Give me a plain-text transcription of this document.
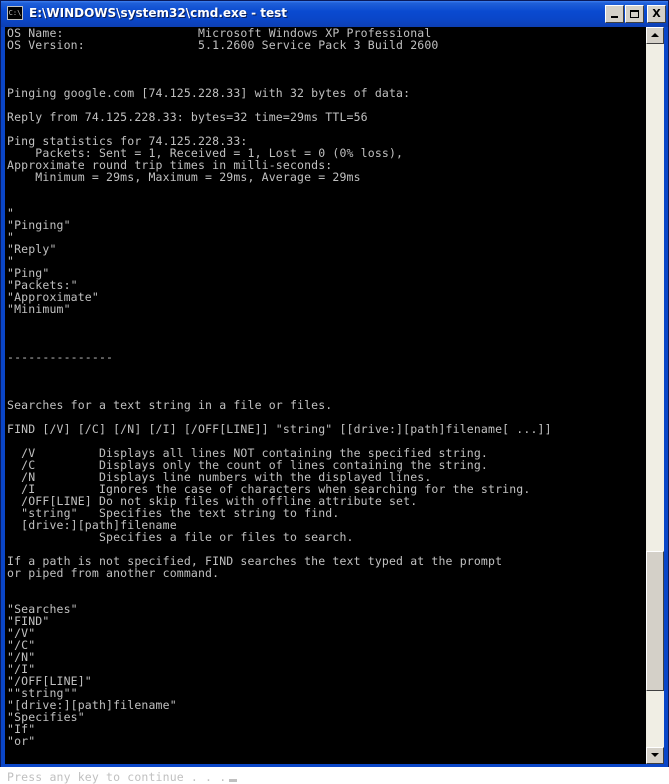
C:\ E:\WINDOWS\system32\cmd.exe - test	X
OS Name:                   Microsoft Windows XP Professional
OS Version:                5.1.2600 Service Pack 3 Build 2600

Pinging google.com [74.125.228.33] with 32 bytes of data:

Reply from 74.125.228.33: bytes=32 time=29ms TTL=56

Ping statistics for 74.125.228.33:
Packets: Sent = 1, Received = 1, Lost = 0 (0% loss),
Approximate round trip times in milli-seconds:
Minimum = 29ms, Maximum = 29ms, Average = 29ms

"
"Pinging"
"
"Reply"
"
"Ping"
"Packets:"
"Approximate"
"Minimum"

---------------

Searches for a text string in a file or files.

FIND [/V] [/C] [/N] [/I] [/OFF[LINE]] "string" [[drive:][path]filename[ ...]]

/V         Displays all lines NOT containing the specified string.
/C         Displays only the count of lines containing the string.
/N         Displays line numbers with the displayed lines.
/I         Ignores the case of characters when searching for the string.
/OFF[LINE] Do not skip files with offline attribute set.
"string"   Specifies the text string to find.
[drive:][path]filename
Specifies a file or files to search.

If a path is not specified, FIND searches the text typed at the prompt
or piped from another command.

"Searches"
"FIND"
"/V"
"/C"
"/N"
"/I"
"/OFF[LINE]"
""string""
"[drive:][path]filename"
"Specifies"
"If"
"or"

Press any key to continue . . .
